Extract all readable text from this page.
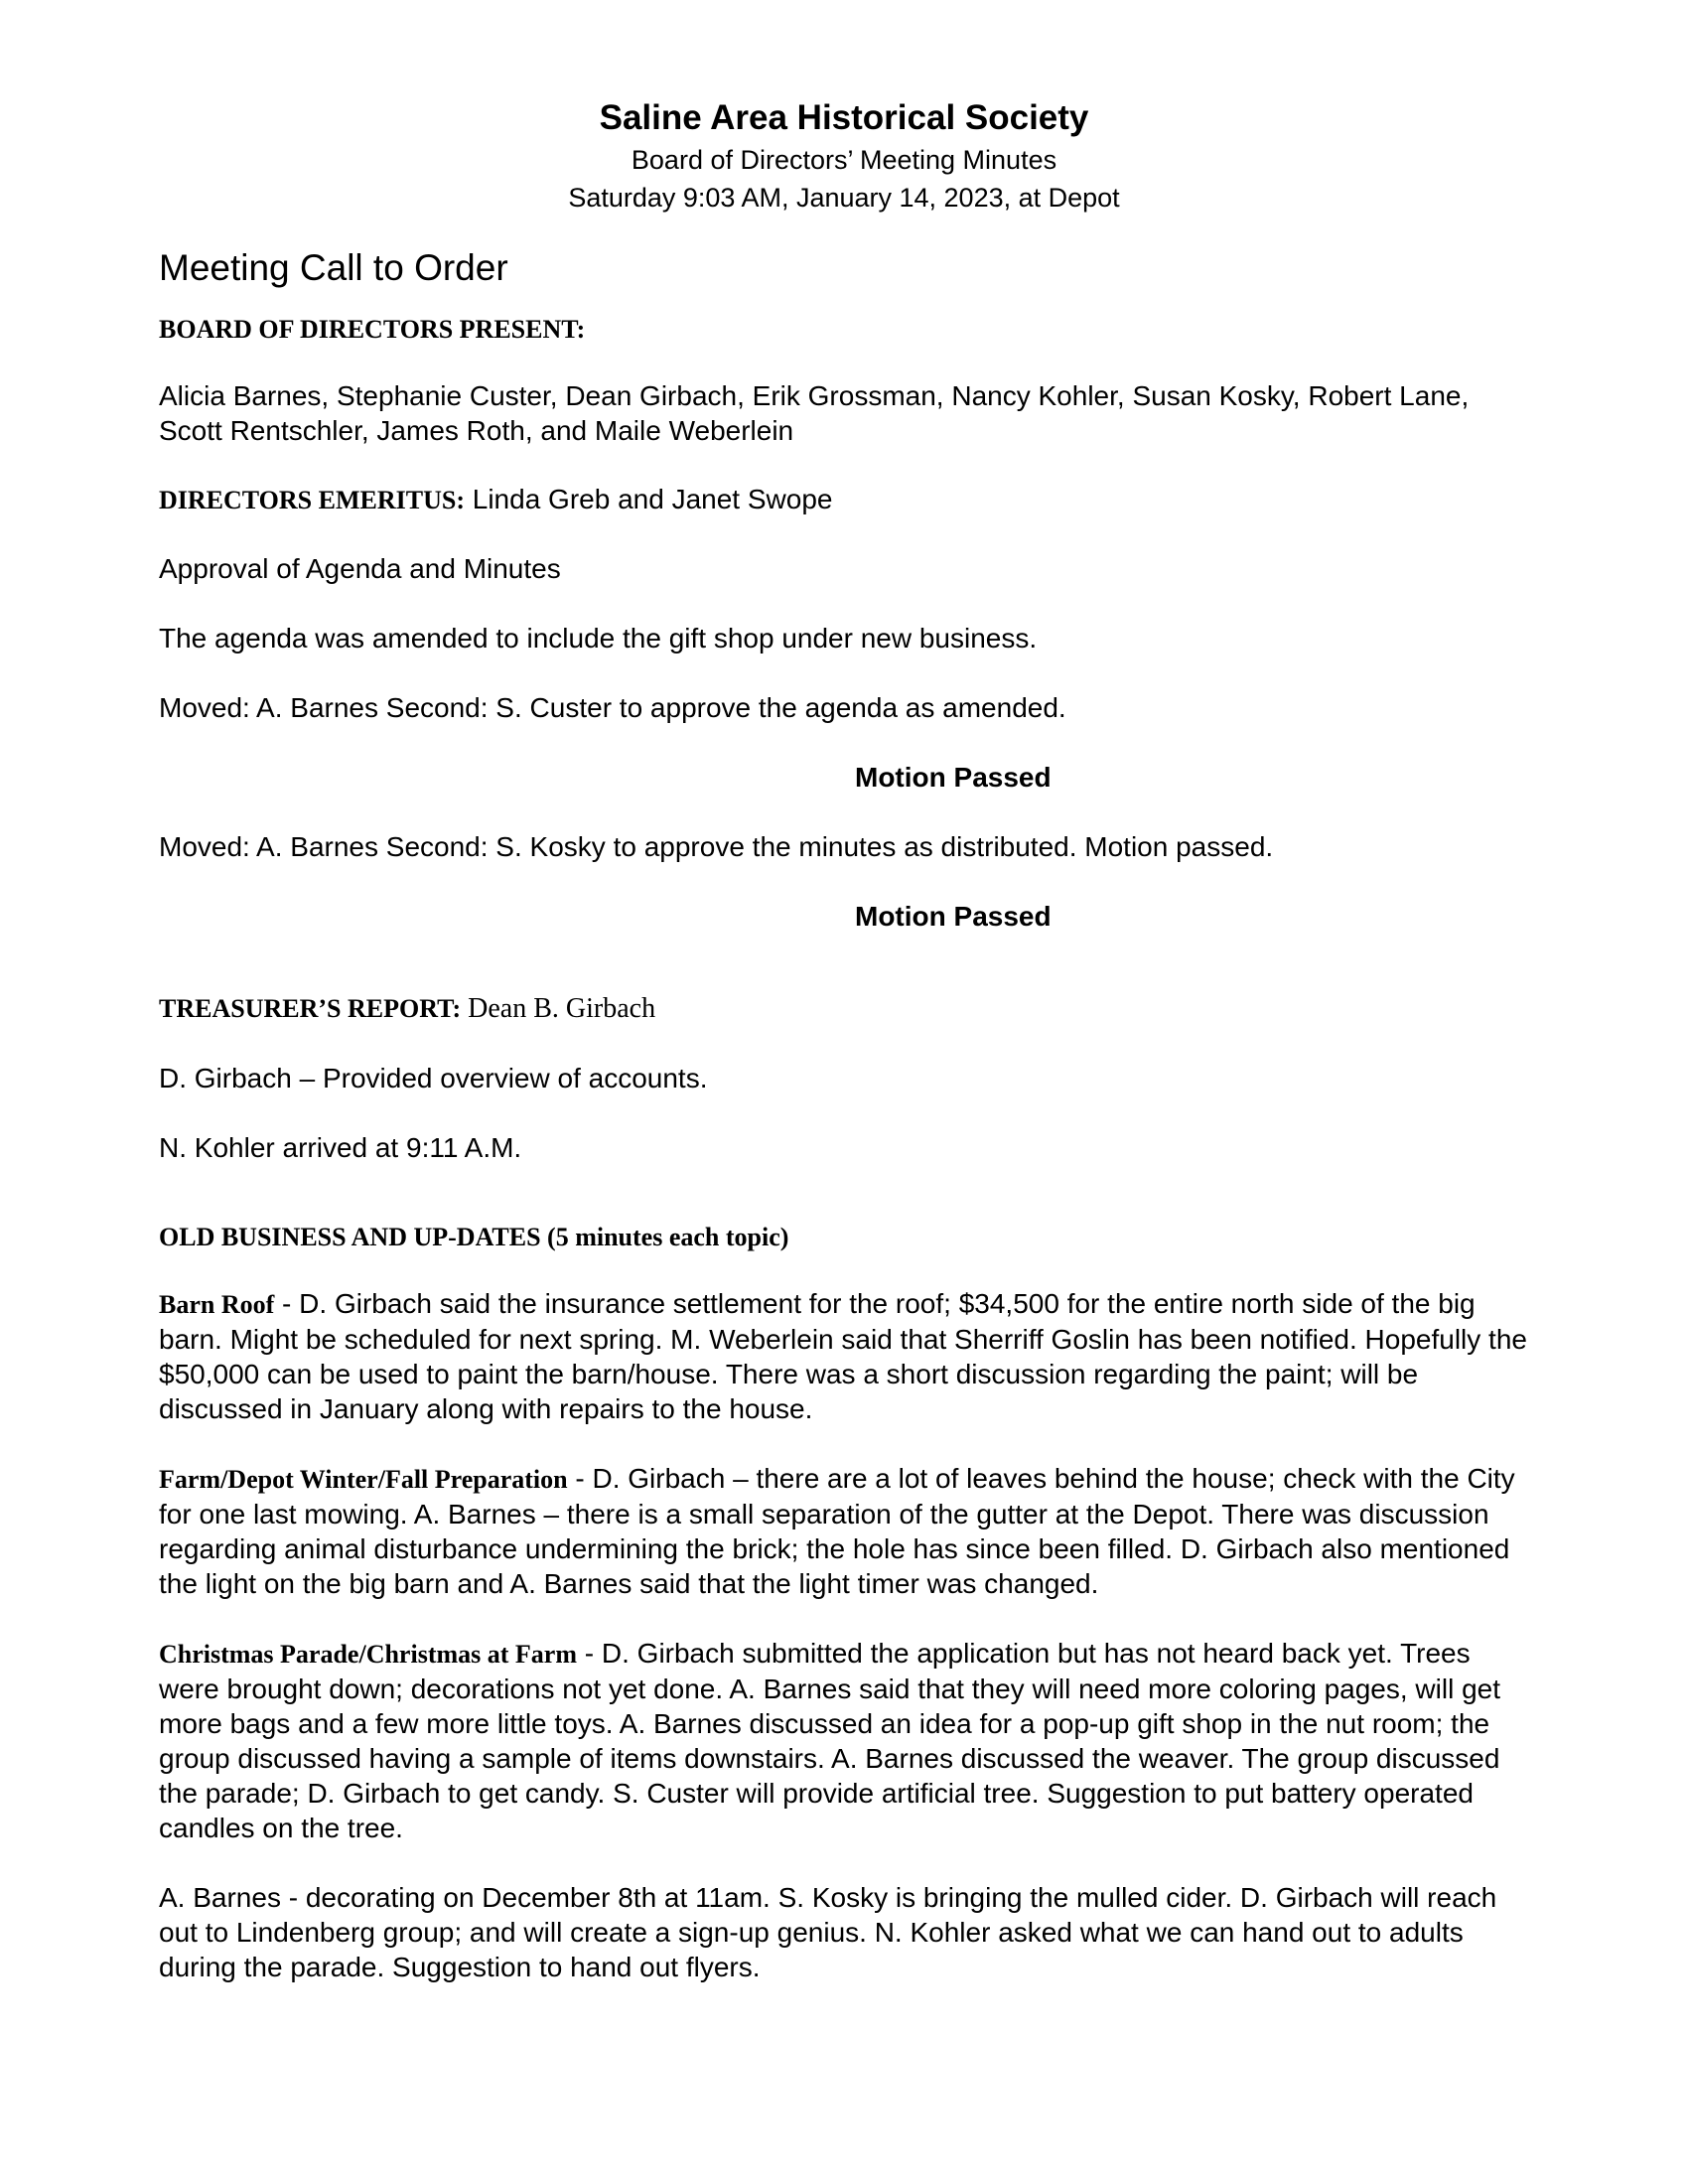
Saline Area Historical Society

Board of Directors’ Meeting Minutes

Saturday 9:03 AM, January 14, 2023, at Depot

Meeting Call to Order

BOARD OF DIRECTORS PRESENT:

Alicia Barnes, Stephanie Custer, Dean Girbach, Erik Grossman, Nancy Kohler, Susan Kosky, Robert Lane, Scott Rentschler, James Roth, and Maile Weberlein

DIRECTORS EMERITUS: Linda Greb and Janet Swope

Approval of Agenda and Minutes

The agenda was amended to include the gift shop under new business.

Moved: A. Barnes Second: S. Custer to approve the agenda as amended.

Motion Passed

Moved: A. Barnes Second: S. Kosky to approve the minutes as distributed. Motion passed.

Motion Passed

TREASURER’S REPORT: Dean B. Girbach

D. Girbach – Provided overview of accounts.

N. Kohler arrived at 9:11 A.M.

OLD BUSINESS AND UP-DATES (5 minutes each topic)

Barn Roof - D. Girbach said the insurance settlement for the roof; $34,500 for the entire north side of the big barn. Might be scheduled for next spring. M. Weberlein said that Sherriff Goslin has been notified. Hopefully the $50,000 can be used to paint the barn/house. There was a short discussion regarding the paint; will be discussed in January along with repairs to the house.

Farm/Depot Winter/Fall Preparation - D. Girbach – there are a lot of leaves behind the house; check with the City for one last mowing. A. Barnes – there is a small separation of the gutter at the Depot. There was discussion regarding animal disturbance undermining the brick; the hole has since been filled. D. Girbach also mentioned the light on the big barn and A. Barnes said that the light timer was changed.

Christmas Parade/Christmas at Farm - D. Girbach submitted the application but has not heard back yet. Trees were brought down; decorations not yet done. A. Barnes said that they will need more coloring pages, will get more bags and a few more little toys. A. Barnes discussed an idea for a pop-up gift shop in the nut room; the group discussed having a sample of items downstairs. A. Barnes discussed the weaver. The group discussed the parade; D. Girbach to get candy. S. Custer will provide artificial tree. Suggestion to put battery operated candles on the tree.

A. Barnes - decorating on December 8th at 11am. S. Kosky is bringing the mulled cider. D. Girbach will reach out to Lindenberg group; and will create a sign-up genius. N. Kohler asked what we can hand out to adults during the parade. Suggestion to hand out flyers.
